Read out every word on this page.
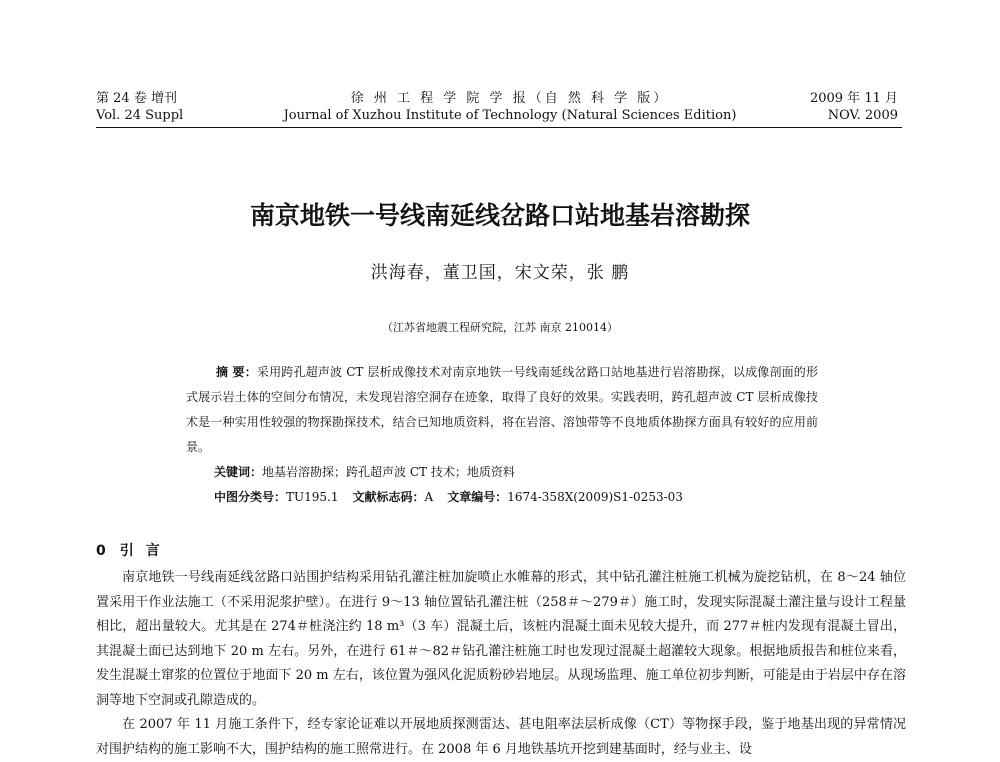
第 24 卷 增刊
Vol. 24 Suppl
徐 州 工 程 学 院 学 报（自 然 科 学 版）
Journal of Xuzhou Institute of Technology (Natural Sciences Edition)
2009 年 11 月
NOV. 2009
南京地铁一号线南延线岔路口站地基岩溶勘探
洪海春，董卫国，宋文荣，张 鹏
（江苏省地震工程研究院，江苏 南京 210014）

摘 要：采用跨孔超声波 CT 层析成像技术对南京地铁一号线南延线岔路口站地基进行岩溶勘探，以成像剖面的形式展示岩土体的空间分布情况，未发现岩溶空洞存在迹象，取得了良好的效果。实践表明，跨孔超声波 CT 层析成像技术是一种实用性较强的物探勘探技术，结合已知地质资料，将在岩溶、溶蚀带等不良地质体勘探方面具有较好的应用前景。

关键词：地基岩溶勘探；跨孔超声波 CT 技术；地质资料
中图分类号：TU195.1 文献标志码：A 文章编号：1674-358X(2009)S1-0253-03
0 引言

南京地铁一号线南延线岔路口站围护结构采用钻孔灌注桩加旋喷止水帷幕的形式，其中钻孔灌注桩施工机械为旋挖钻机，在 8～24 轴位置采用干作业法施工（不采用泥浆护壁）。在进行 9～13 轴位置钻孔灌注桩（258＃～279＃）施工时，发现实际混凝土灌注量与设计工程量相比，超出量较大。尤其是在 274＃桩浇注约 18 m³（3 车）混凝土后，该桩内混凝土面未见较大提升，而 277＃桩内发现有混凝土冒出，其混凝土面已达到地下 20 m 左右。另外，在进行 61＃～82＃钻孔灌注桩施工时也发现过混凝土超灌较大现象。根据地质报告和桩位来看，发生混凝土窜浆的位置位于地面下 20 m 左右，该位置为强风化泥质粉砂岩地层。从现场监理、施工单位初步判断，可能是由于岩层中存在溶洞等地下空洞或孔隙造成的。

在 2007 年 11 月施工条件下，经专家论证难以开展地质探测雷达、甚电阻率法层析成像（CT）等物探手段，鉴于地基出现的异常情况对围护结构的施工影响不大，围护结构的施工照常进行。在 2008 年 6 月地铁基坑开挖到建基面时，经与业主、设
